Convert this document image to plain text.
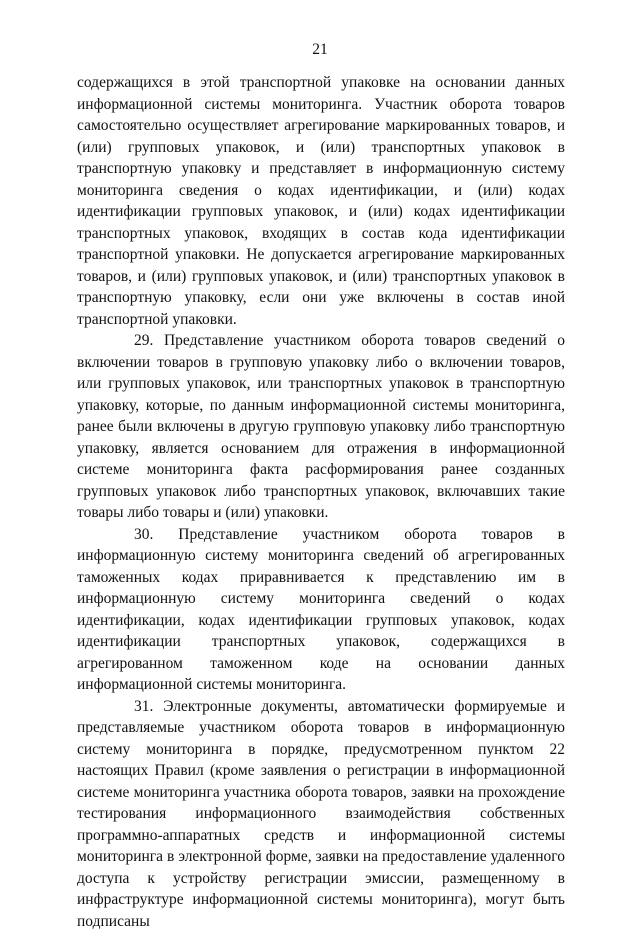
21

содержащихся в этой транспортной упаковке на основании данных информационной системы мониторинга. Участник оборота товаров самостоятельно осуществляет агрегирование маркированных товаров, и (или) групповых упаковок, и (или) транспортных упаковок в транспортную упаковку и представляет в информационную систему мониторинга сведения о кодах идентификации, и (или) кодах идентификации групповых упаковок, и (или) кодах идентификации транспортных упаковок, входящих в состав кода идентификации транспортной упаковки. Не допускается агрегирование маркированных товаров, и (или) групповых упаковок, и (или) транспортных упаковок в транспортную упаковку, если они уже включены в состав иной транспортной упаковки.

29. Представление участником оборота товаров сведений о включении товаров в групповую упаковку либо о включении товаров, или групповых упаковок, или транспортных упаковок в транспортную упаковку, которые, по данным информационной системы мониторинга, ранее были включены в другую групповую упаковку либо транспортную упаковку, является основанием для отражения в информационной системе мониторинга факта расформирования ранее созданных групповых упаковок либо транспортных упаковок, включавших такие товары либо товары и (или) упаковки.

30. Представление участником оборота товаров в информационную систему мониторинга сведений об агрегированных таможенных кодах приравнивается к представлению им в информационную систему мониторинга сведений о кодах идентификации, кодах идентификации групповых упаковок, кодах идентификации транспортных упаковок, содержащихся в агрегированном таможенном коде на основании данных информационной системы мониторинга.

31. Электронные документы, автоматически формируемые и представляемые участником оборота товаров в информационную систему мониторинга в порядке, предусмотренном пунктом 22 настоящих Правил (кроме заявления о регистрации в информационной системе мониторинга участника оборота товаров, заявки на прохождение тестирования информационного взаимодействия собственных программно-аппаратных средств и информационной системы мониторинга в электронной форме, заявки на предоставление удаленного доступа к устройству регистрации эмиссии, размещенному в инфраструктуре информационной системы мониторинга), могут быть подписаны
